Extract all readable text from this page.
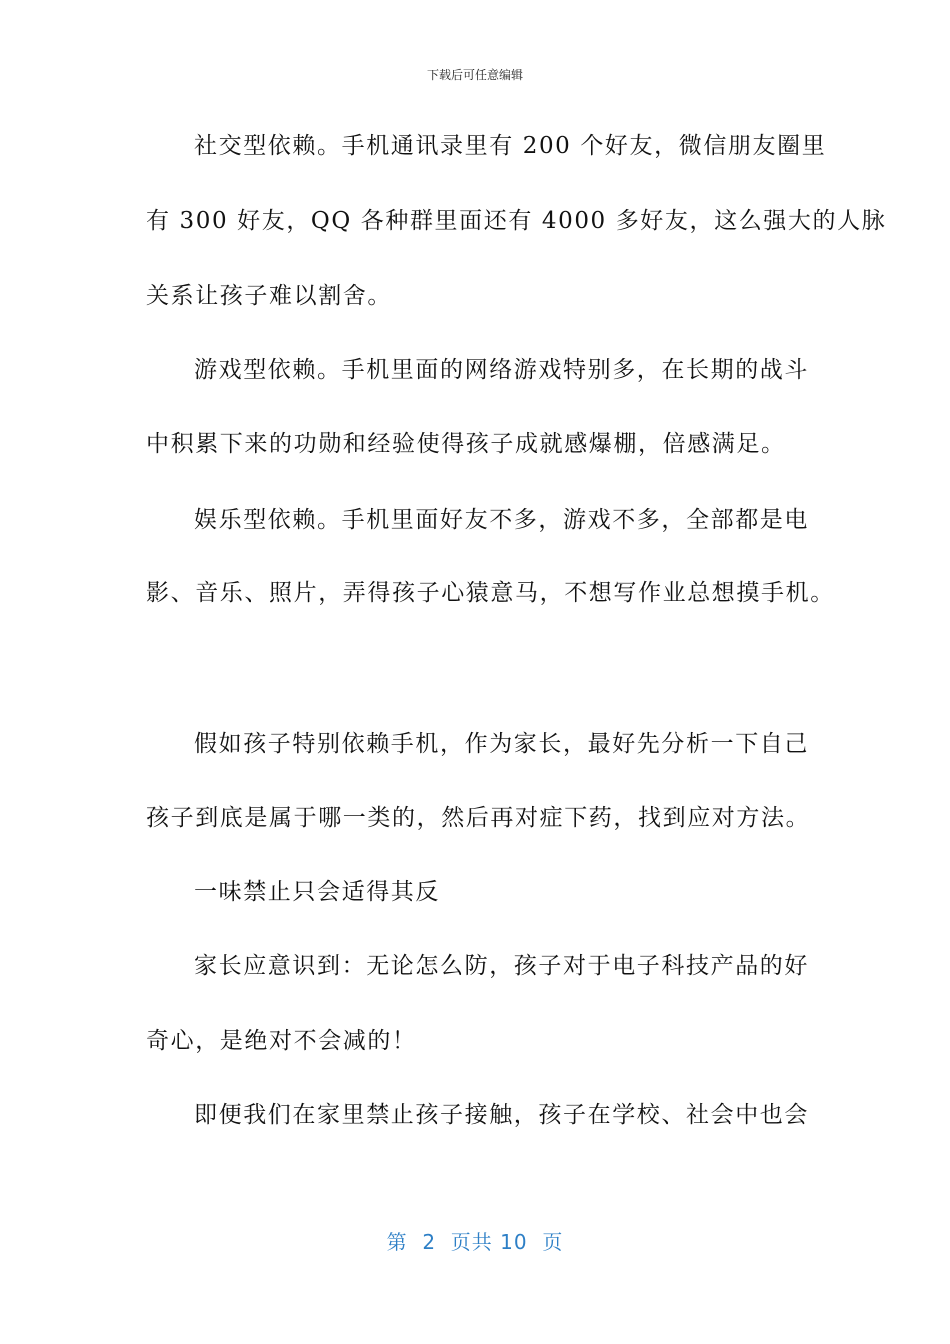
下载后可任意编辑
社交型依赖。手机通讯录里有 200 个好友，微信朋友圈里
有 300 好友，QQ 各种群里面还有 4000 多好友，这么强大的人脉
关系让孩子难以割舍。
游戏型依赖。手机里面的网络游戏特别多，在长期的战斗
中积累下来的功勋和经验使得孩子成就感爆棚，倍感满足。
娱乐型依赖。手机里面好友不多，游戏不多，全部都是电
影、音乐、照片，弄得孩子心猿意马，不想写作业总想摸手机。
假如孩子特别依赖手机，作为家长，最好先分析一下自己
孩子到底是属于哪一类的，然后再对症下药，找到应对方法。
一味禁止只会适得其反
家长应意识到：无论怎么防，孩子对于电子科技产品的好
奇心，是绝对不会减的！
即便我们在家里禁止孩子接触，孩子在学校、社会中也会
第  2  页共 10  页
